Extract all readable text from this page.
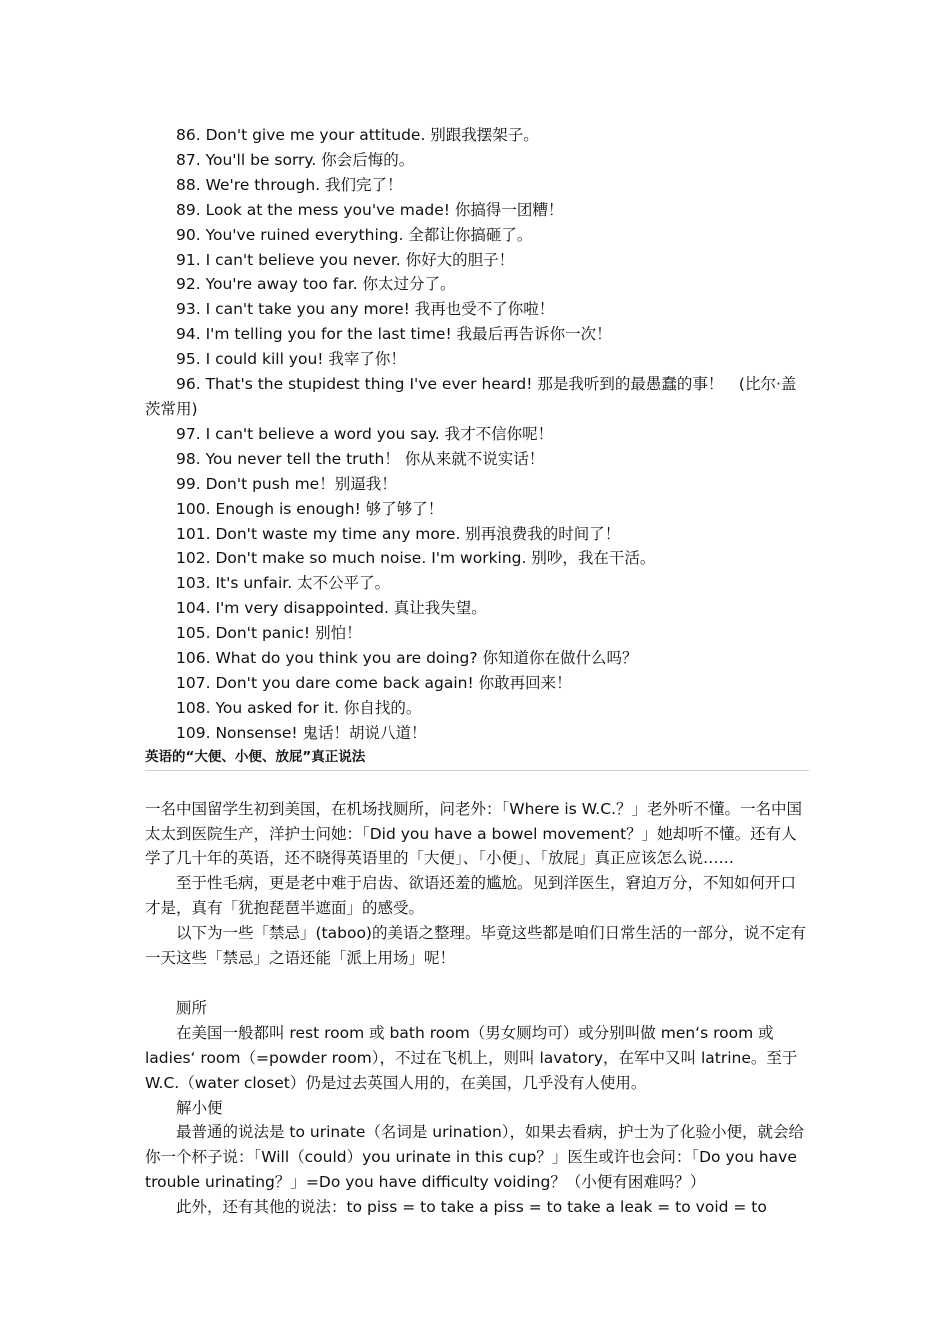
86. Don't give me your attitude. 别跟我摆架子。
87. You'll be sorry. 你会后悔的。
88. We're through. 我们完了！
89. Look at the mess you've made! 你搞得一团糟！
90. You've ruined everything. 全都让你搞砸了。
91. I can't believe you never. 你好大的胆子！
92. You're away too far. 你太过分了。
93. I can't take you any more! 我再也受不了你啦！
94. I'm telling you for the last time! 我最后再告诉你一次！
95. I could kill you! 我宰了你！
96. That's the stupidest thing I've ever heard! 那是我听到的最愚蠢的事！　(比尔·盖茨常用)
97. I can't believe a word you say. 我才不信你呢！
98. You never tell the truth！ 你从来就不说实话！
99. Don't push me！别逼我！
100. Enough is enough! 够了够了！
101. Don't waste my time any more. 别再浪费我的时间了！
102. Don't make so much noise. I'm working. 别吵，我在干活。
103. It's unfair. 太不公平了。
104. I'm very disappointed. 真让我失望。
105. Don't panic! 别怕！
106. What do you think you are doing? 你知道你在做什么吗？
107. Don't you dare come back again! 你敢再回来！
108. You asked for it. 你自找的。
109. Nonsense! 鬼话！胡说八道！
英语的“大便、小便、放屁”真正说法
一名中国留学生初到美国，在机场找厕所，问老外：「Where is W.C.？」老外听不懂。一名中国太太到医院生产，洋护士问她：「Did you have a bowel movement？」她却听不懂。还有人学了几十年的英语，还不晓得英语里的「大便」、「小便」、「放屁」真正应该怎么说……
至于性毛病，更是老中难于启齿、欲语还羞的尴尬。见到洋医生，窘迫万分，不知如何开口才是，真有「犹抱琵琶半遮面」的感受。
以下为一些「禁忌」(taboo)的美语之整理。毕竟这些都是咱们日常生活的一部分，说不定有一天这些「禁忌」之语还能「派上用场」呢！
厕所
在美国一般都叫 rest room 或 bath room（男女厕均可）或分别叫做 men‘s room 或 ladies‘ room（=powder room），不过在飞机上，则叫 lavatory，在军中又叫 latrine。至于 W.C.（water closet）仍是过去英国人用的，在美国，几乎没有人使用。
解小便
最普通的说法是 to urinate（名词是 urination），如果去看病，护士为了化验小便，就会给你一个杯子说：「Will（could）you urinate in this cup？」医生或许也会问：「Do you have trouble urinating？」=Do you have difficulty voiding？（小便有困难吗？）
此外，还有其他的说法：to piss = to take a piss = to take a leak = to void = to
